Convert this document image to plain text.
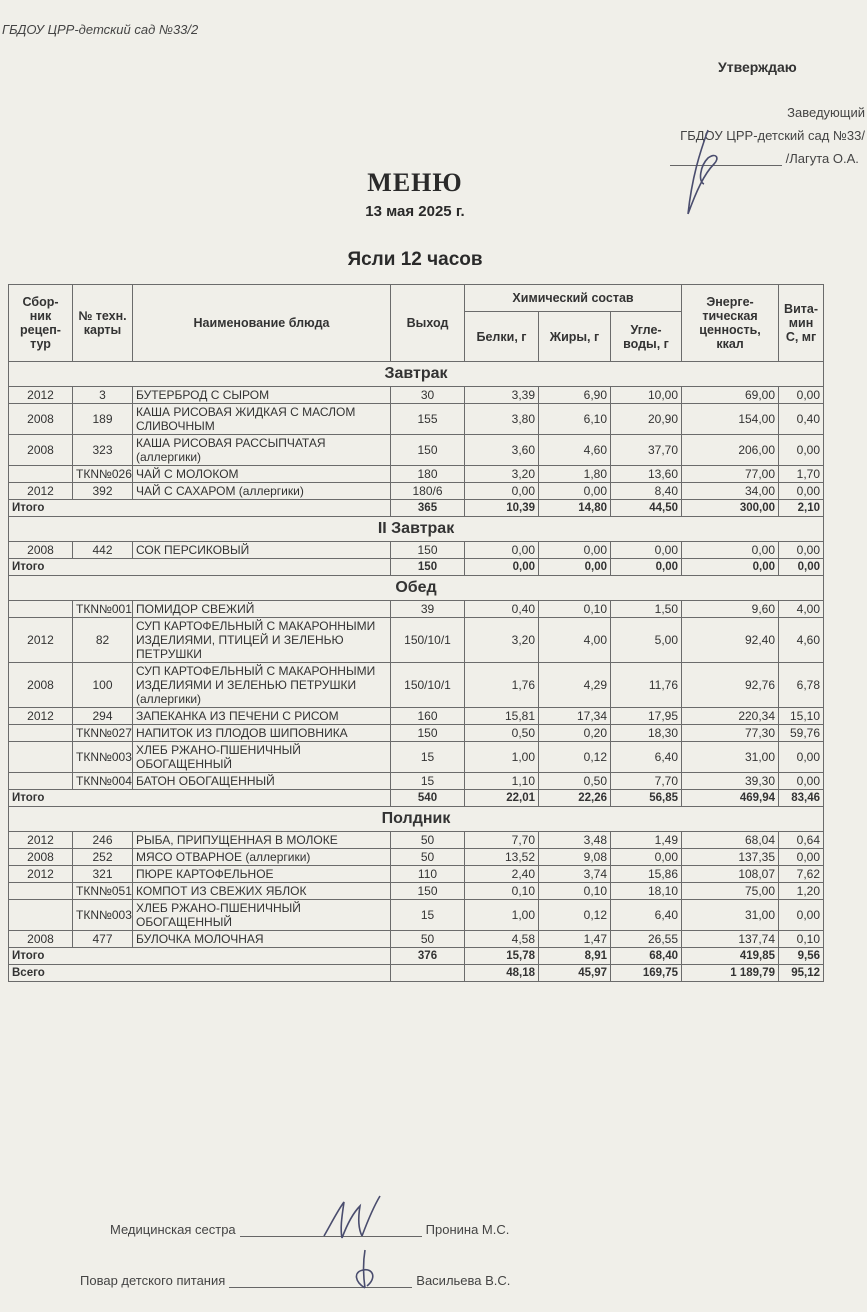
ГБДОУ ЦРР-детский сад №33/2
Утверждаю
Заведующий
ГБДОУ ЦРР-детский сад №33/
/Лагута О.А.
МЕНЮ
13 мая 2025 г.
Ясли 12 часов
Сбор-ник рецеп-тур	№ техн. карты	Наименование блюда	Выход	Химический состав			Энерге-тическая ценность, ккал	Вита-мин С, мг
				Белки, г	Жиры, г	Угле-воды, г		
Завтрак								
2012	3	БУТЕРБРОД С СЫРОМ	30	3,39	6,90	10,00	69,00	0,00
2008	189	КАША РИСОВАЯ ЖИДКАЯ С МАСЛОМ СЛИВОЧНЫМ	155	3,80	6,10	20,90	154,00	0,40
2008	323	КАША РИСОВАЯ РАССЫПЧАТАЯ (аллергики)	150	3,60	4,60	37,70	206,00	0,00
	ТКN№026	ЧАЙ С МОЛОКОМ	180	3,20	1,80	13,60	77,00	1,70
2012	392	ЧАЙ С САХАРОМ (аллергики)	180/6	0,00	0,00	8,40	34,00	0,00
Итого			365	10,39	14,80	44,50	300,00	2,10
II Завтрак								
2008	442	СОК ПЕРСИКОВЫЙ	150	0,00	0,00	0,00	0,00	0,00
Итого			150	0,00	0,00	0,00	0,00	0,00
Обед								
	ТКN№001	ПОМИДОР СВЕЖИЙ	39	0,40	0,10	1,50	9,60	4,00
2012	82	СУП КАРТОФЕЛЬНЫЙ С МАКАРОННЫМИ ИЗДЕЛИЯМИ, ПТИЦЕЙ И ЗЕЛЕНЬЮ ПЕТРУШКИ	150/10/1	3,20	4,00	5,00	92,40	4,60
2008	100	СУП КАРТОФЕЛЬНЫЙ С МАКАРОННЫМИ ИЗДЕЛИЯМИ И ЗЕЛЕНЬЮ ПЕТРУШКИ (аллергики)	150/10/1	1,76	4,29	11,76	92,76	6,78
2012	294	ЗАПЕКАНКА ИЗ ПЕЧЕНИ С РИСОМ	160	15,81	17,34	17,95	220,34	15,10
	ТКN№027	НАПИТОК ИЗ ПЛОДОВ ШИПОВНИКА	150	0,50	0,20	18,30	77,30	59,76
	ТКN№003	ХЛЕБ РЖАНО-ПШЕНИЧНЫЙ ОБОГАЩЕННЫЙ	15	1,00	0,12	6,40	31,00	0,00
	ТКN№004	БАТОН ОБОГАЩЕННЫЙ	15	1,10	0,50	7,70	39,30	0,00
Итого			540	22,01	22,26	56,85	469,94	83,46
Полдник								
2012	246	РЫБА, ПРИПУЩЕННАЯ В МОЛОКЕ	50	7,70	3,48	1,49	68,04	0,64
2008	252	МЯСО ОТВАРНОЕ (аллергики)	50	13,52	9,08	0,00	137,35	0,00
2012	321	ПЮРЕ КАРТОФЕЛЬНОЕ	110	2,40	3,74	15,86	108,07	7,62
	ТКN№051	КОМПОТ ИЗ СВЕЖИХ ЯБЛОК	150	0,10	0,10	18,10	75,00	1,20
	ТКN№003	ХЛЕБ РЖАНО-ПШЕНИЧНЫЙ ОБОГАЩЕННЫЙ	15	1,00	0,12	6,40	31,00	0,00
2008	477	БУЛОЧКА МОЛОЧНАЯ	50	4,58	1,47	26,55	137,74	0,10
Итого			376	15,78	8,91	68,40	419,85	9,56
Всего				48,18	45,97	169,75	1 189,79	95,12
Медицинская сестра	Пронина М.С.
Повар детского питания	Васильева В.С.
